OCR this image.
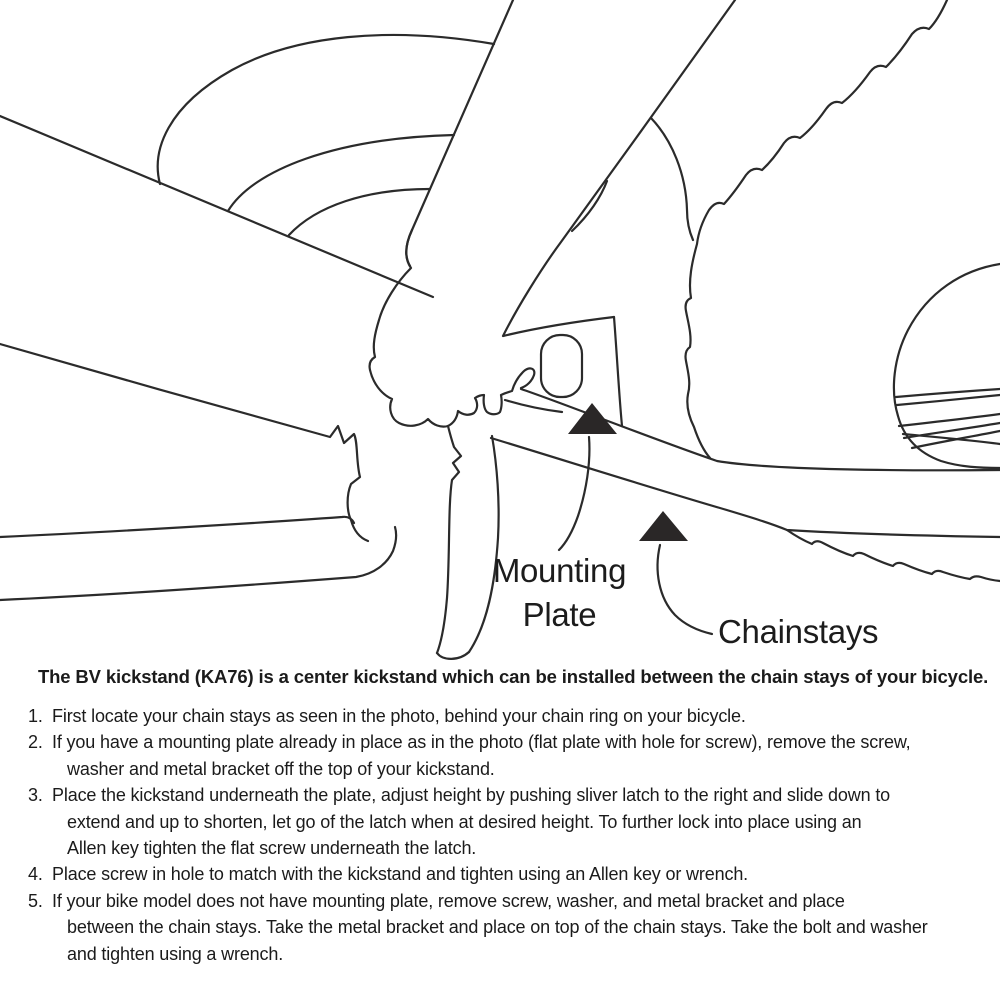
Mounting Plate	Chainstays
The BV kickstand (KA76) is a center kickstand which can be installed between the chain stays of your bicycle.
1. First locate your chain stays as seen in the photo, behind your chain ring on your bicycle.
2. If you have a mounting plate already in place as in the photo (flat plate with hole for screw), remove the screw,
washer and metal bracket off the top of your kickstand.
3. Place the kickstand underneath the plate, adjust height by pushing sliver latch to the right and slide down to
extend and up to shorten, let go of the latch when at desired height. To further lock into place using an
Allen key tighten the flat screw underneath the latch.
4. Place screw in hole to match with the kickstand and tighten using an Allen key or wrench.
5. If your bike model does not have mounting plate, remove screw, washer, and metal bracket and place
between the chain stays. Take the metal bracket and place on top of the chain stays. Take the bolt and washer
and tighten using a wrench.
